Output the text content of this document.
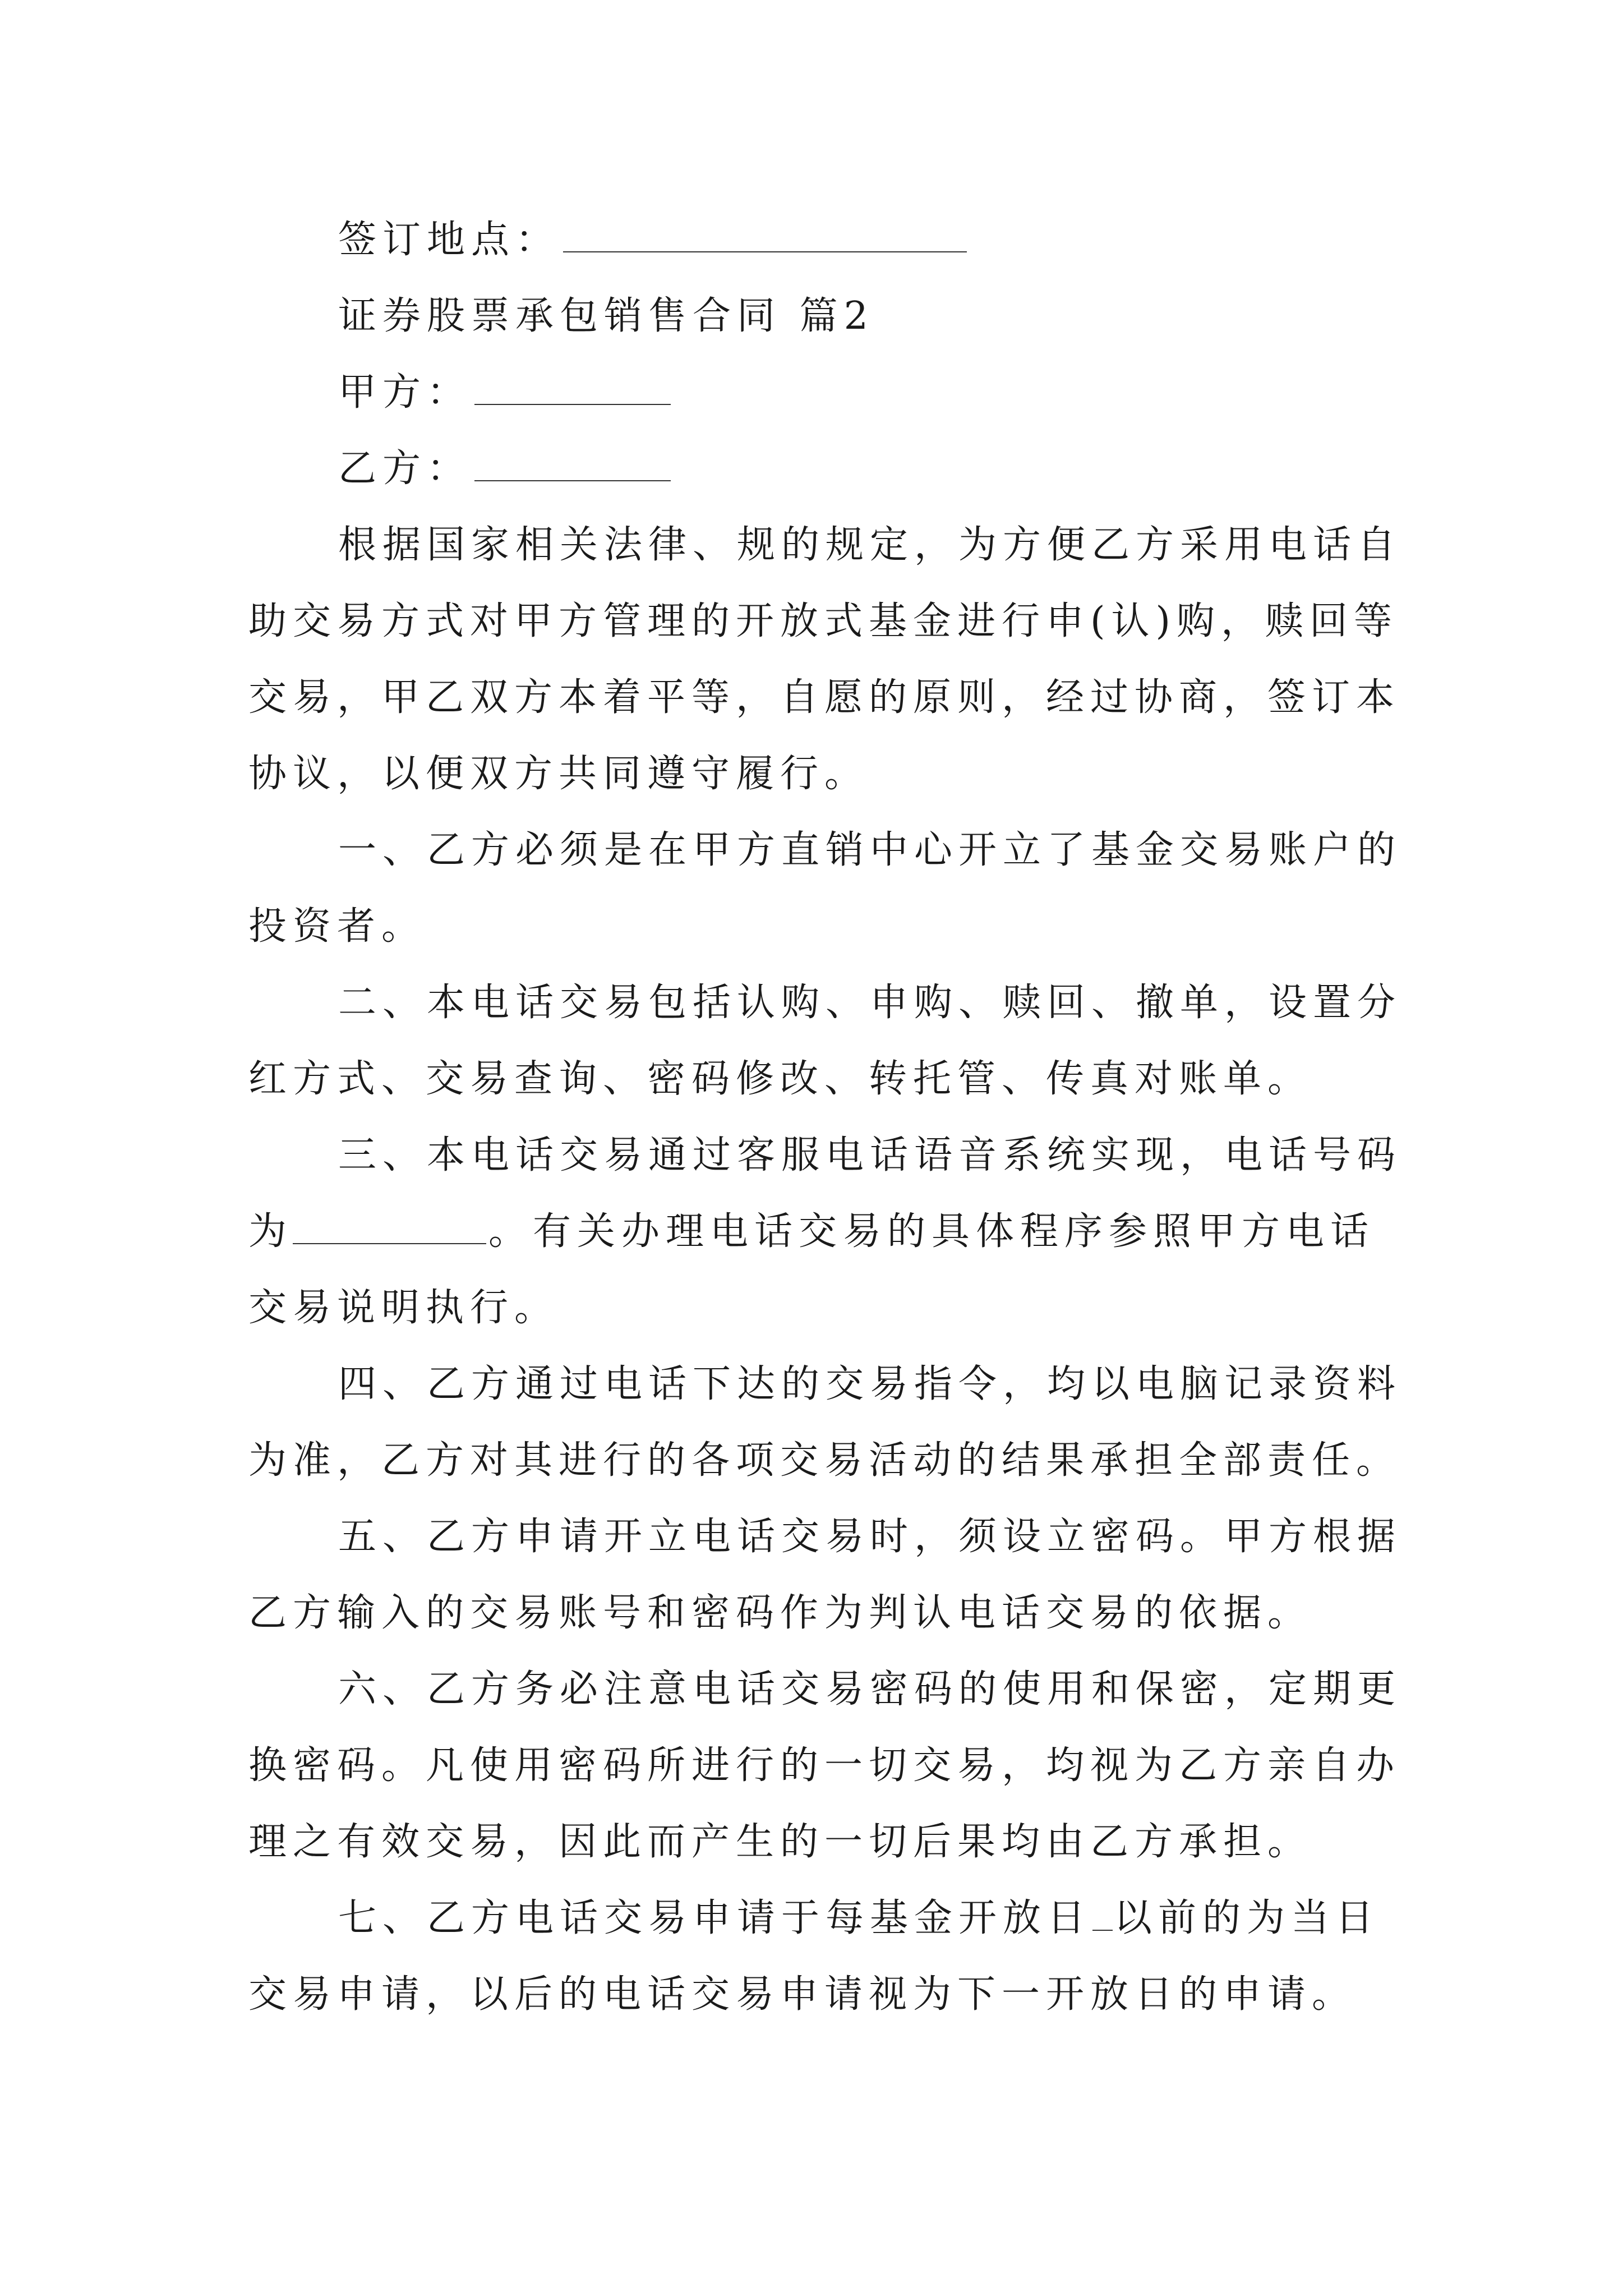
签订地点：
证券股票承包销售合同 篇2
甲方：
乙方：
根据国家相关法律、规的规定，为方便乙方采用电话自
助交易方式对甲方管理的开放式基金进行申(认)购，赎回等
交易，甲乙双方本着平等，自愿的原则，经过协商，签订本
协议，以便双方共同遵守履行。
一、乙方必须是在甲方直销中心开立了基金交易账户的
投资者。
二、本电话交易包括认购、申购、赎回、撤单，设置分
红方式、交易查询、密码修改、转托管、传真对账单。
三、本电话交易通过客服电话语音系统实现，电话号码
为	。有关办理电话交易的具体程序参照甲方电话
交易说明执行。
四、乙方通过电话下达的交易指令，均以电脑记录资料
为准，乙方对其进行的各项交易活动的结果承担全部责任。
五、乙方申请开立电话交易时，须设立密码。甲方根据
乙方输入的交易账号和密码作为判认电话交易的依据。
六、乙方务必注意电话交易密码的使用和保密，定期更
换密码。凡使用密码所进行的一切交易，均视为乙方亲自办
理之有效交易，因此而产生的一切后果均由乙方承担。
七、乙方电话交易申请于每基金开放日 以前的为当日
交易申请，以后的电话交易申请视为下一开放日的申请。
